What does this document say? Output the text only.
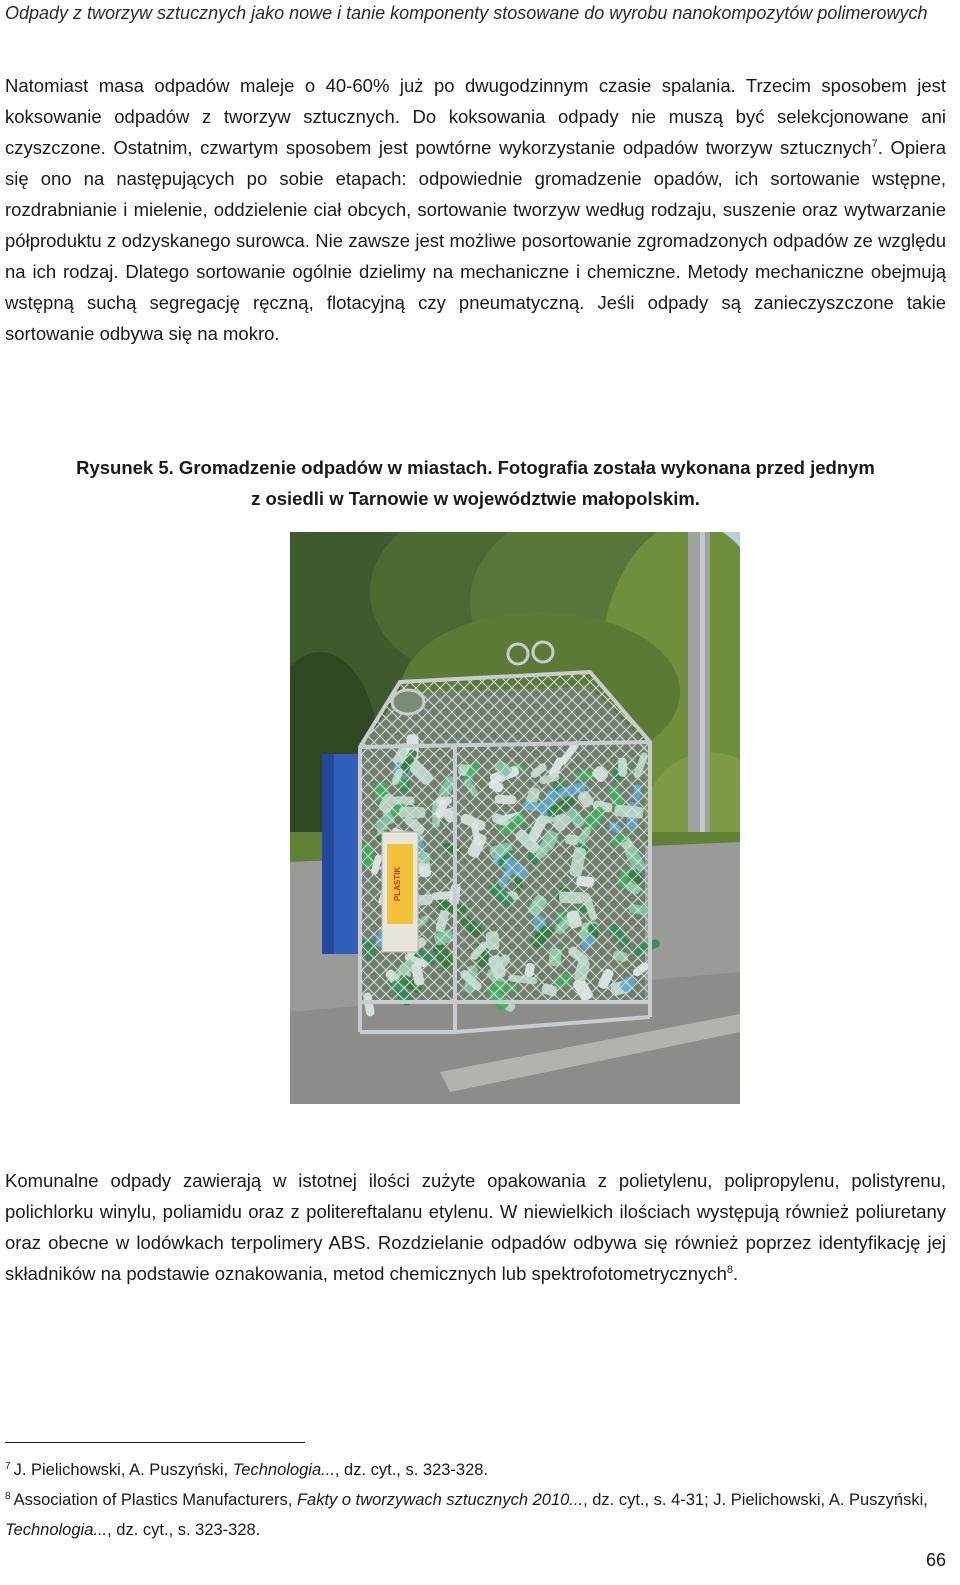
Odpady z tworzyw sztucznych jako nowe i tanie komponenty stosowane do wyrobu nanokompozytów polimerowych
Natomiast masa odpadów maleje o 40-60% już po dwugodzinnym czasie spalania. Trzecim sposobem jest koksowanie odpadów z tworzyw sztucznych. Do koksowania odpady nie muszą być selekcjonowane ani czyszczone. Ostatnim, czwartym sposobem jest powtórne wykorzystanie odpadów tworzyw sztucznych$^7$. Opiera się ono na następujących po sobie etapach: odpowiednie gromadzenie opadów, ich sortowanie wstępne, rozdrabnianie i mielenie, oddzielenie ciał obcych, sortowanie tworzyw według rodzaju, suszenie oraz wytwarzanie półproduktu z odzyskanego surowca. Nie zawsze jest możliwe posortowanie zgromadzonych odpadów ze względu na ich rodzaj. Dlatego sortowanie ogólnie dzielimy na mechaniczne i chemiczne. Metody mechaniczne obejmują wstępną suchą segregację ręczną, flotacyjną czy pneumatyczną. Jeśli odpady są zanieczyszczone takie sortowanie odbywa się na mokro.
Rysunek 5. Gromadzenie odpadów w miastach. Fotografia została wykonana przed jednym
z osiedli w Tarnowie w województwie małopolskim.
PLASTIK
Komunalne odpady zawierają w istotnej ilości zużyte opakowania z polietylenu, polipropylenu, polistyrenu, polichlorku winylu, poliamidu oraz z politereftalanu etylenu. W niewielkich ilościach występują również poliuretany oraz obecne w lodówkach terpolimery ABS. Rozdzielanie odpadów odbywa się również poprzez identyfikację jej składników na podstawie oznakowania, metod chemicznych lub spektrofotometrycznych$^8$.
$^7$ J. Pielichowski, A. Puszyński, Technologia..., dz. cyt., s. 323-328.
$^8$ Association of Plastics Manufacturers, Fakty o tworzywach sztucznych 2010..., dz. cyt., s. 4-31; J. Pielichowski, A. Puszyński, Technologia..., dz. cyt., s. 323-328.
66
